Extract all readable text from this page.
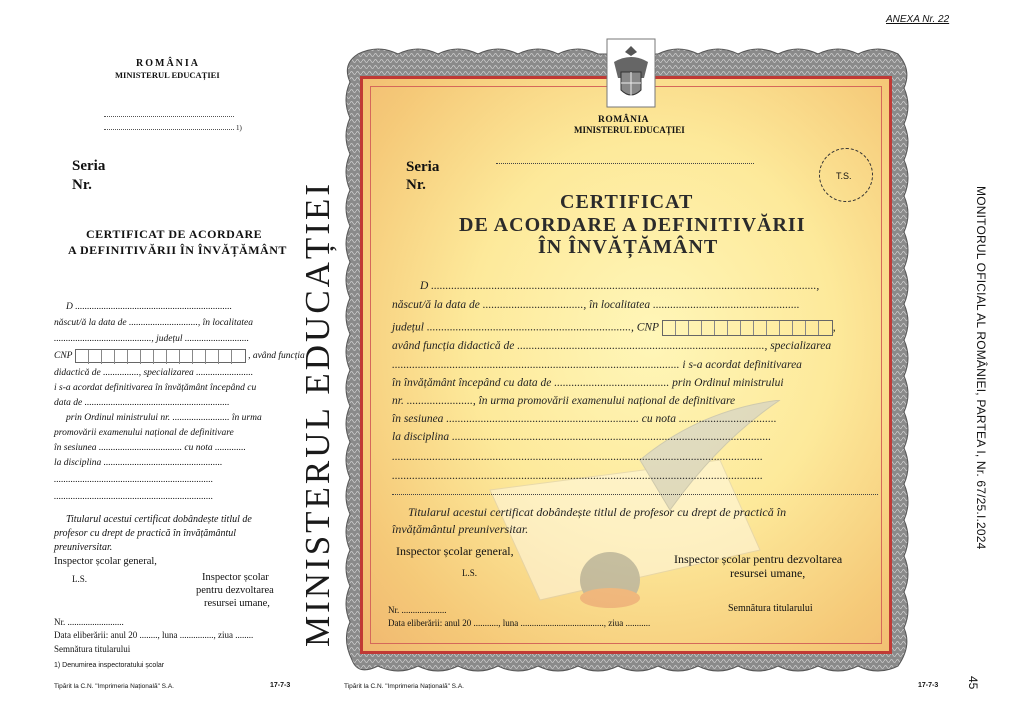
ANEXA Nr. 22
MONITORUL OFICIAL AL ROMÂNIEI, PARTEA I, Nr. 67/25.I.2024
45
MINISTERUL EDUCAȚIEI
ROMÂNIA
MINISTERUL EDUCAȚIEI
1)
Seria
Nr.
CERTIFICAT DE ACORDARE
A DEFINITIVĂRII ÎN ÎNVĂȚĂMÂNT
D ..................................................................
născut/ă la data de ............................., în localitatea
........................................., județul ...........................
CNP	, având funcția
didactică de ..............., specializarea ........................
i s-a acordat definitivarea în învățământ începând cu
data de .............................................................
prin Ordinul ministrului nr. ........................ în urma
promovării examenului național de definitivare
în sesiunea ................................... cu nota .............
la disciplina ..................................................
...................................................................
...................................................................
Titularul acestui certificat dobândește titlul de
profesor cu drept de practică în învățământul
preuniversitar.
Inspector școlar general,
L.S.	Inspector școlar
pentru dezvoltarea
resursei umane,
Nr. .........................
Data eliberării: anul 20 ........, luna ..............., ziua ........
Semnătura titularului
1) Denumirea inspectoratului școlar
Tipărit la C.N. "Imprimeria Națională" S.A.	17-7-3
ROMÂNIA
MINISTERUL EDUCAȚIEI
Seria
Nr.
T.S.
CERTIFICAT
DE ACORDARE A DEFINITIVĂRII
ÎN ÎNVĂȚĂMÂNT
D ......................................................................................................................................,
născut/ă la data de ..................................., în localitatea ...................................................
județul ......................................................................., CNP	,
având funcția didactică de ......................................................................................, specializarea
.................................................................................................... i s-a acordat definitivarea
în învățământ începând cu data de ........................................ prin Ordinul ministrului
nr. ......................., în urma promovării examenului național de definitivare
în sesiunea ................................................................... cu nota ..................................
la disciplina ...............................................................................................................
.................................................................................................................................
.................................................................................................................................
Titularul acestui certificat dobândește titlul de profesor cu drept de practică în
învățământul preuniversitar.
Inspector școlar general,
L.S.
Inspector școlar pentru dezvoltarea
resursei umane,
Nr. ....................
Data eliberării: anul 20 ..........., luna ....................................., ziua ...........
Semnătura titularului
Tipărit la C.N. "Imprimeria Națională" S.A.	17-7-3
